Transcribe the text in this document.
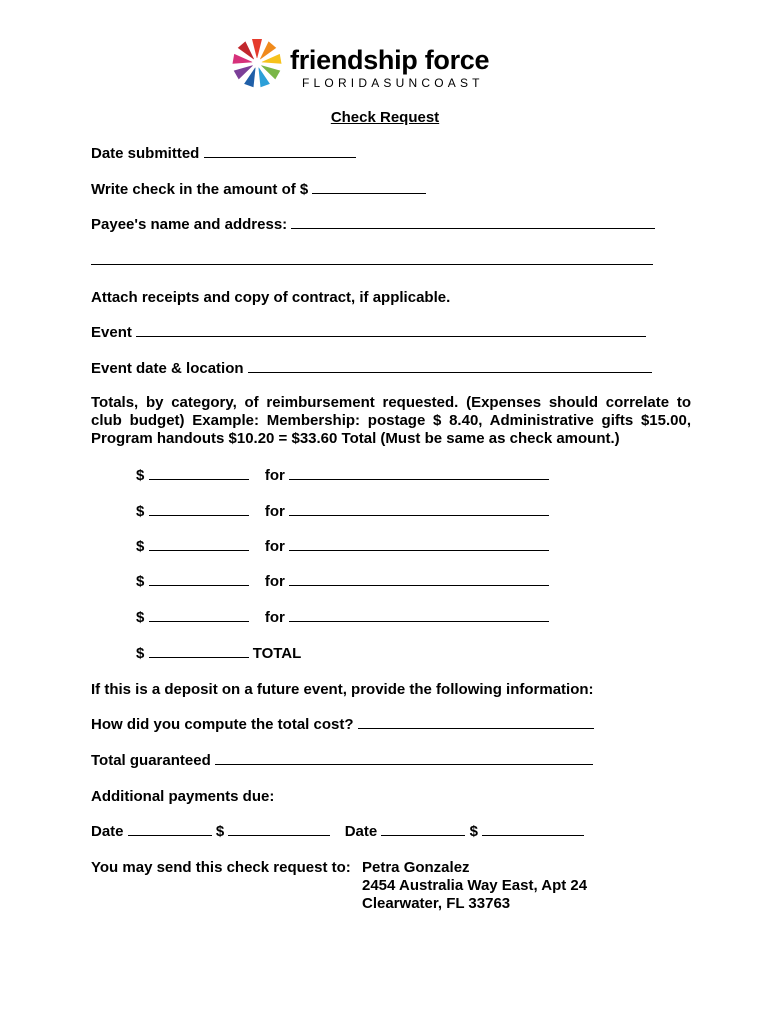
friendship force
FLORIDASUNCOAST
Check Request
Date submitted
Write check in the amount of $
Payee's name and address:
Attach receipts and copy of contract, if applicable.
Event
Event date & location
Totals, by category, of reimbursement requested. (Expenses should correlate to
club budget) Example: Membership: postage $ 8.40, Administrative gifts $15.00,
Program handouts $10.20 = $33.60 Total (Must be same as check amount.)
$	for
$	for
$	for
$	for
$	for
$	TOTAL
If this is a deposit on a future event, provide the following information:
How did you compute the total cost?
Total guaranteed
Additional payments due:
Date	$	Date	$
You may send this check request to: Petra Gonzalez
2454 Australia Way East, Apt 24
Clearwater, FL 33763
